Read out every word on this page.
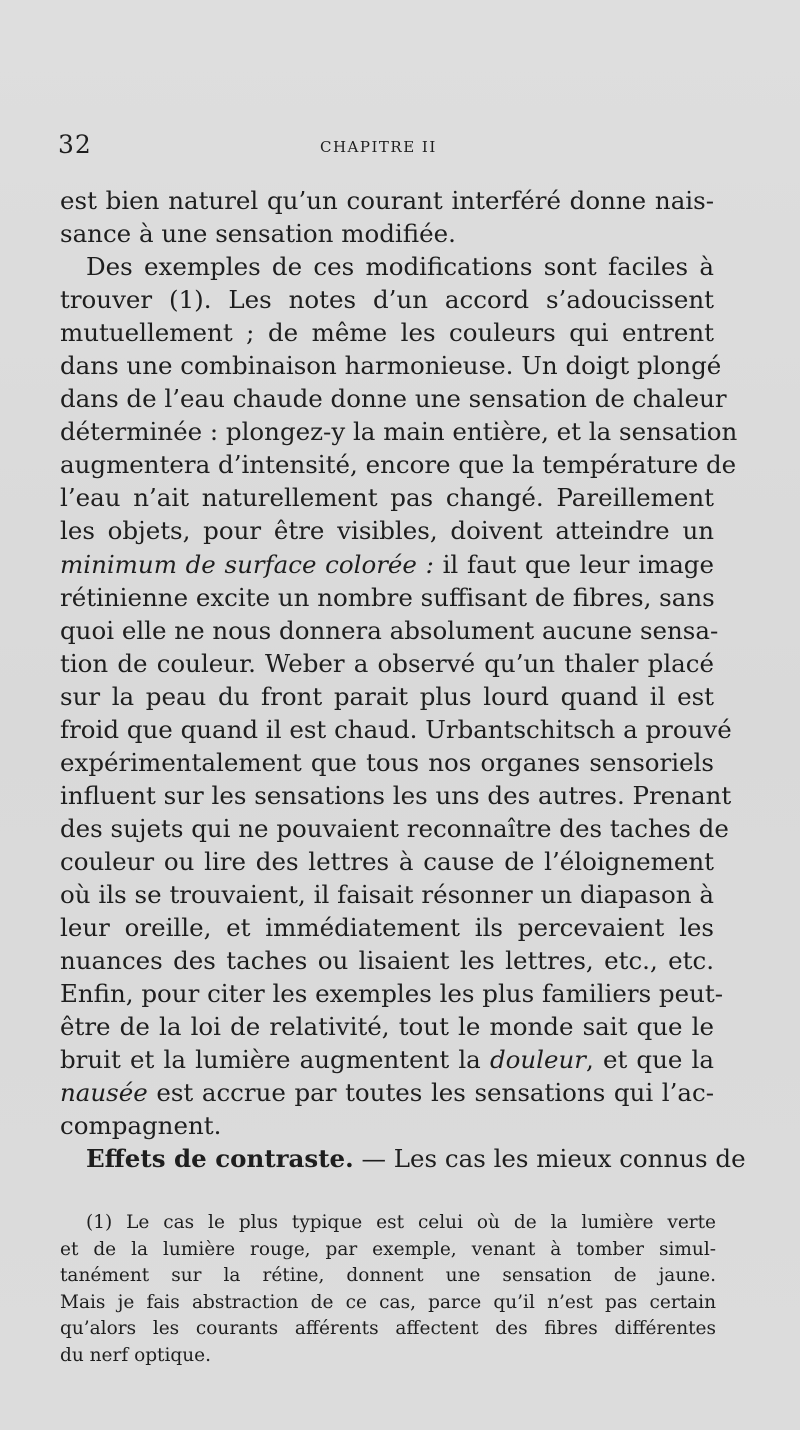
32	CHAPITRE II
est bien naturel qu’un courant interféré donne nais-
sance à une sensation modifiée.
Des exemples de ces modifications sont faciles à
trouver (1). Les notes d’un accord s’adoucissent
mutuellement ; de même les couleurs qui entrent
dans une combinaison harmonieuse. Un doigt plongé
dans de l’eau chaude donne une sensation de chaleur
déterminée : plongez-y la main entière, et la sensation
augmentera d’intensité, encore que la température de
l’eau n’ait naturellement pas changé. Pareillement
les objets, pour être visibles, doivent atteindre un
minimum de surface colorée : il faut que leur image
rétinienne excite un nombre suffisant de fibres, sans
quoi elle ne nous donnera absolument aucune sensa-
tion de couleur. Weber a observé qu’un thaler placé
sur la peau du front parait plus lourd quand il est
froid que quand il est chaud. Urbantschitsch a prouvé
expérimentalement que tous nos organes sensoriels
influent sur les sensations les uns des autres. Prenant
des sujets qui ne pouvaient reconnaître des taches de
couleur ou lire des lettres à cause de l’éloignement
où ils se trouvaient, il faisait résonner un diapason à
leur oreille, et immédiatement ils percevaient les
nuances des taches ou lisaient les lettres, etc., etc.
Enfin, pour citer les exemples les plus familiers peut-
être de la loi de relativité, tout le monde sait que le
bruit et la lumière augmentent la douleur, et que la
nausée est accrue par toutes les sensations qui l’ac-
compagnent.
Effets de contraste. — Les cas les mieux connus de
(1) Le cas le plus typique est celui où de la lumière verte
et de la lumière rouge, par exemple, venant à tomber simul-
tanément sur la rétine, donnent une sensation de jaune.
Mais je fais abstraction de ce cas, parce qu’il n’est pas certain
qu’alors les courants afférents affectent des fibres différentes
du nerf optique.
